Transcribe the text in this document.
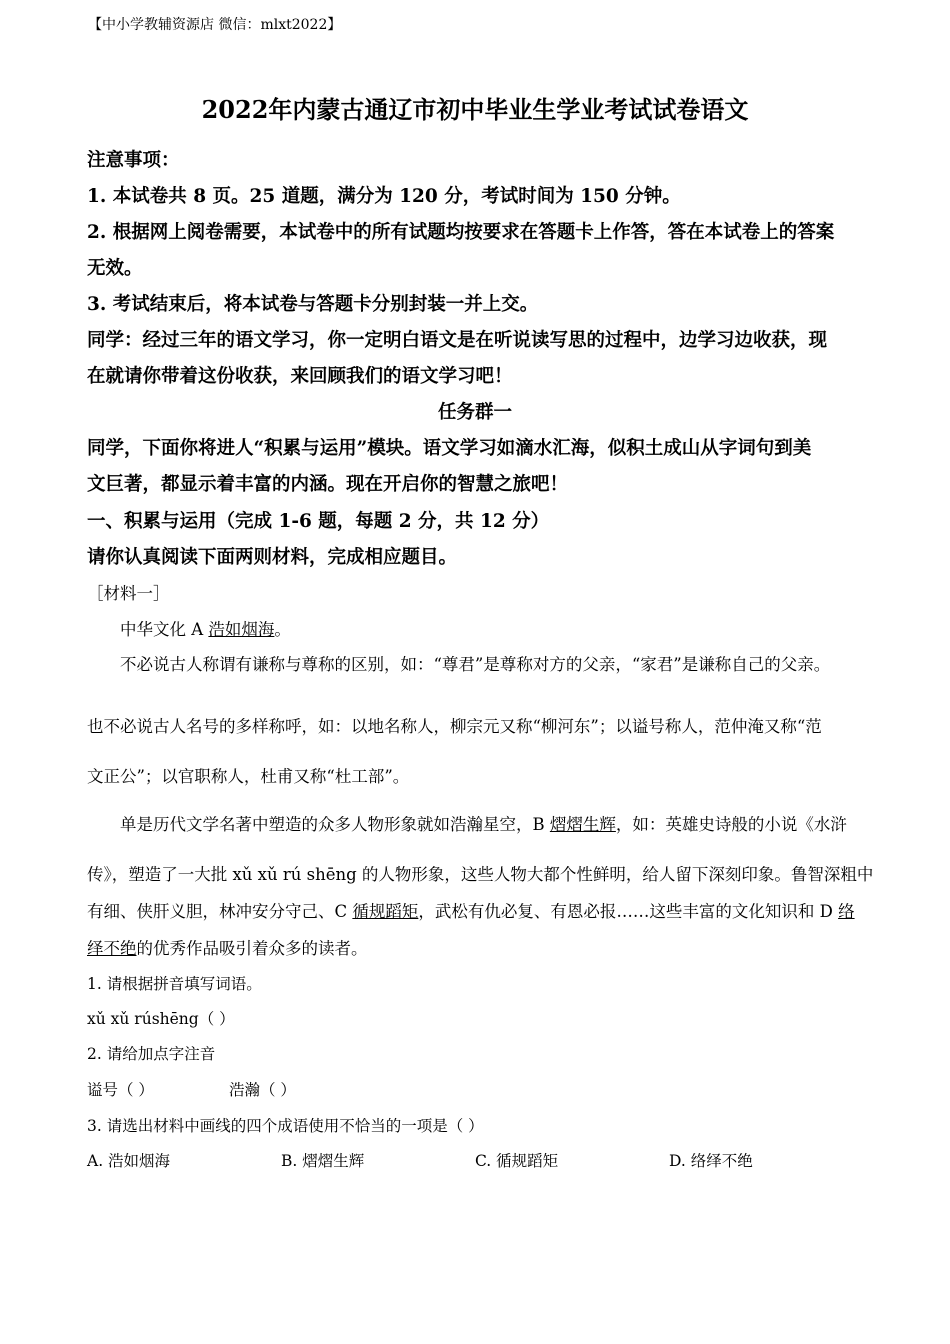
【中小学教辅资源店 微信：mlxt2022】
2022年内蒙古通辽市初中毕业生学业考试试卷语文
注意事项：
1. 本试卷共 8 页。25 道题，满分为 120 分，考试时间为 150 分钟。
2. 根据网上阅卷需要，本试卷中的所有试题均按要求在答题卡上作答，答在本试卷上的答案
无效。
3. 考试结束后，将本试卷与答题卡分别封装一并上交。
同学：经过三年的语文学习，你一定明白语文是在听说读写思的过程中，边学习边收获，现
在就请你带着这份收获，来回顾我们的语文学习吧！
任务群一
同学，下面你将进人“积累与运用”模块。语文学习如滴水汇海，似积土成山从字词句到美
文巨著，都显示着丰富的内涵。现在开启你的智慧之旅吧！
一、积累与运用（完成 1-6 题，每题 2 分，共 12 分）
请你认真阅读下面两则材料，完成相应题目。
［材料一］
中华文化 A 浩如烟海。
不必说古人称谓有谦称与尊称的区别，如：“尊君”是尊称对方的父亲，“家君”是谦称自己的父亲。
也不必说古人名号的多样称呼，如：以地名称人，柳宗元又称“柳河东”；以谥号称人，范仲淹又称“范
文正公”；以官职称人，杜甫又称“杜工部”。
单是历代文学名著中塑造的众多人物形象就如浩瀚星空，B 熠熠生辉，如：英雄史诗般的小说《水浒
传》，塑造了一大批 xǔ xǔ rú shēng 的人物形象，这些人物大都个性鲜明，给人留下深刻印象。鲁智深粗中
有细、侠肝义胆，林冲安分守己、C 循规蹈矩，武松有仇必复、有恩必报……这些丰富的文化知识和 D 络
绎不绝的优秀作品吸引着众多的读者。
1. 请根据拼音填写词语。
xǔ xǔ rúshēng（ ）
2. 请给加点字注音
谥号（ ）	浩瀚（ ）
3. 请选出材料中画线的四个成语使用不恰当的一项是（ ）
A. 浩如烟海	B. 熠熠生辉	C. 循规蹈矩	D. 络绎不绝
